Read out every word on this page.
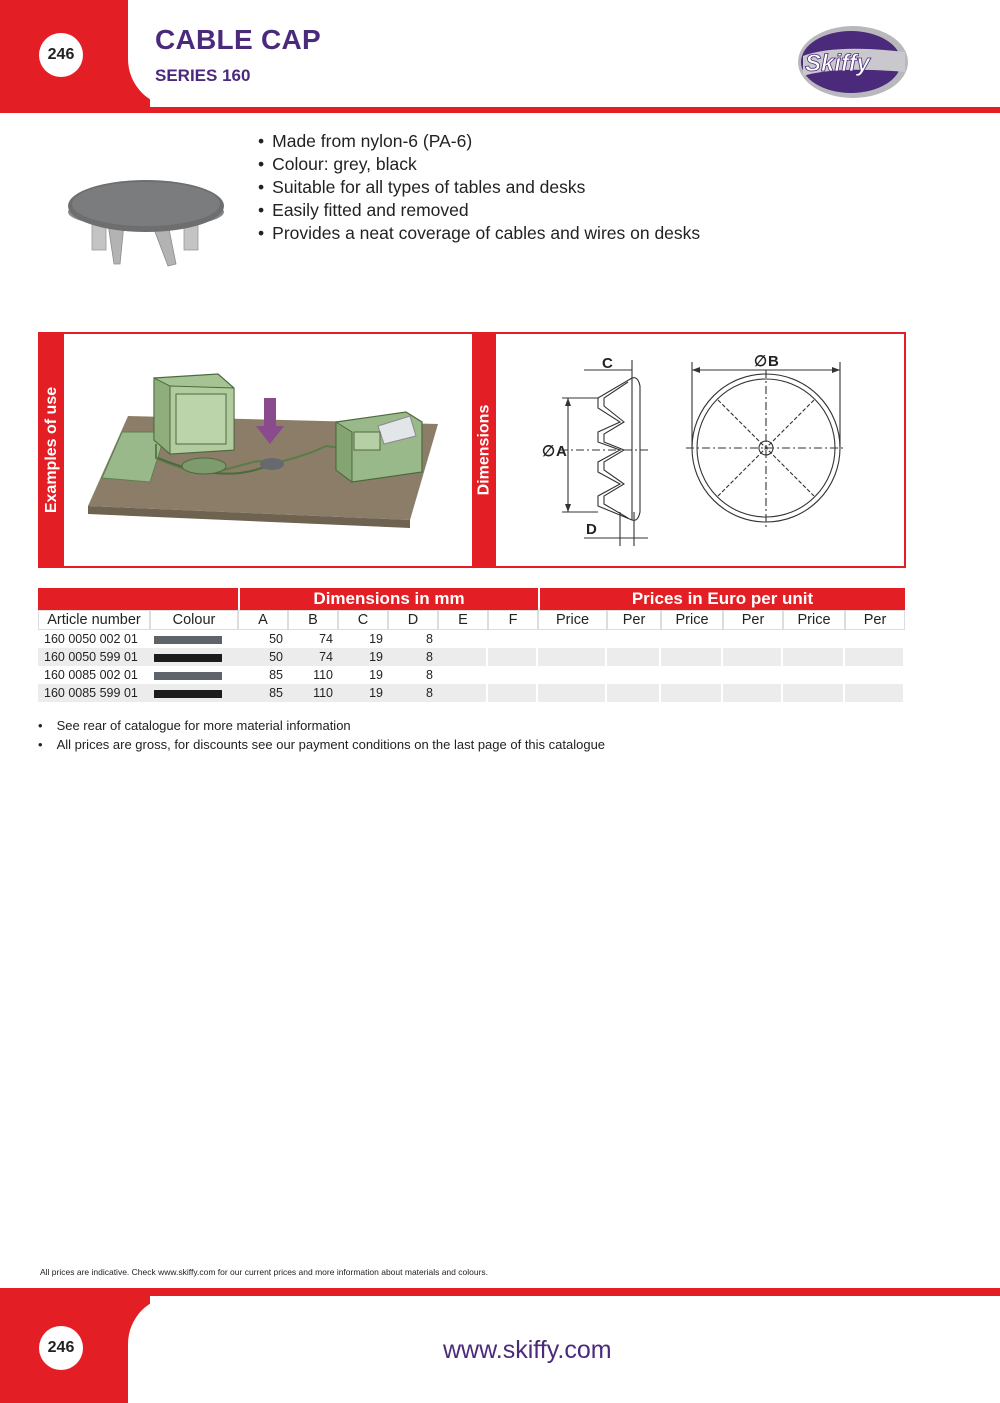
246	CABLE CAP
SERIES 160	Skiffy
• Made from nylon-6 (PA-6)
• Colour: grey, black
• Suitable for all types of tables and desks
• Easily fitted and removed
• Provides a neat coverage of cables and wires on desks
Examples of use	Dimensions
C
∅ A
∅ B
D
		Dimensions in mm						Prices in Euro per unit					
Article number	Colour	A	B	C	D	E	F	Price	Per	Price	Per	Price	Per
160 0050 002 01		50	74	19	8								
160 0050 599 01		50	74	19	8								
160 0085 002 01		85	110	19	8								
160 0085 599 01		85	110	19	8								
• See rear of catalogue for more material information
• All prices are gross, for discounts see our payment conditions on the last page of this catalogue
All prices are indicative. Check www.skiffy.com for our current prices and more information about materials and colours.
246	www.skiffy.com
